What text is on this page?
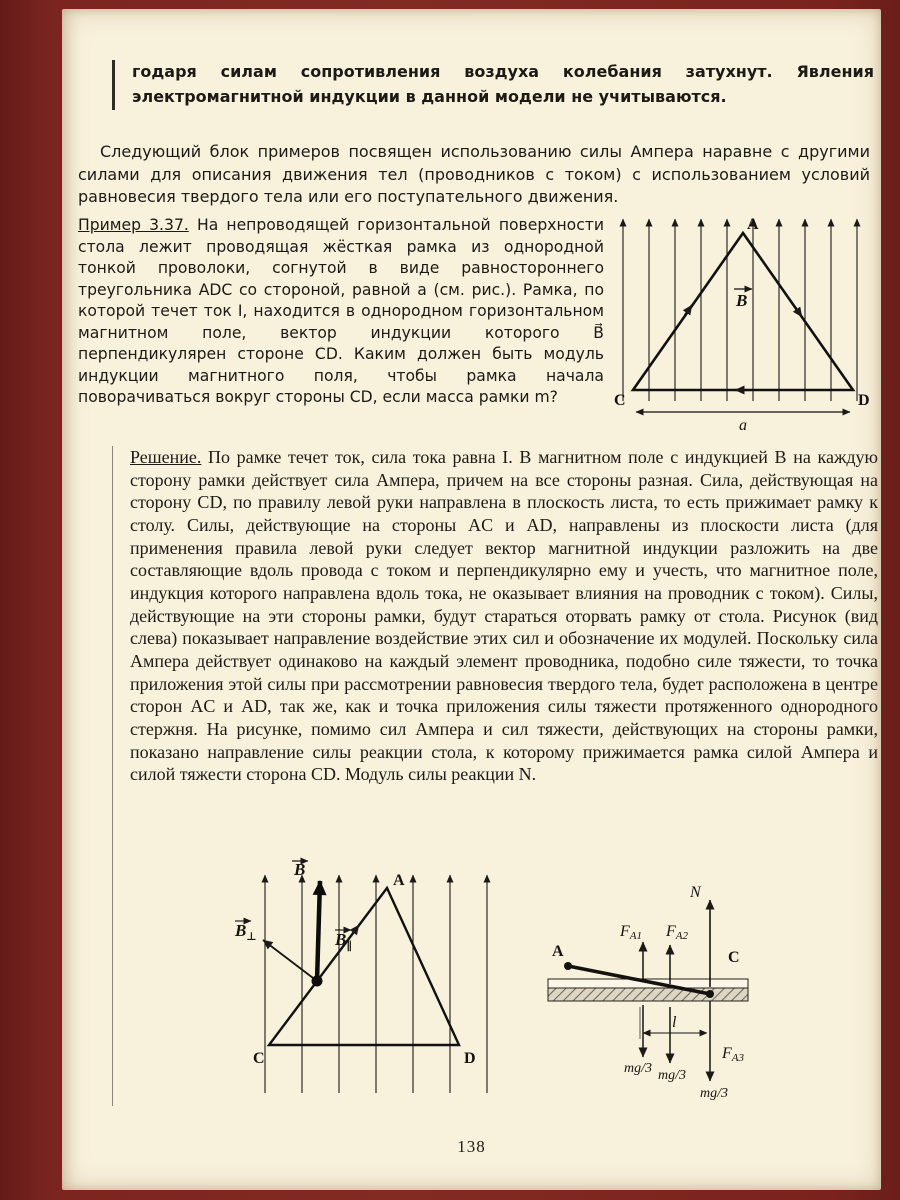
годаря силам сопротивления воздуха колебания затухнут. Явления электромагнитной индукции в данной модели не учитываются.

Следующий блок примеров посвящен использованию силы Ампера наравне с другими силами для описания движения тел (проводников с током) с использованием условий равновесия твердого тела или его поступательного движения.

Пример 3.37. На непроводящей горизонтальной поверхности стола лежит проводящая жёсткая рамка из однородной тонкой проволоки, согнутой в виде равностороннего треугольника ADC со стороной, равной a (см. рис.). Рамка, по которой течет ток I, находится в однородном горизонтальном магнитном поле, вектор индукции которого B⃗ перпендикулярен стороне CD. Каким должен быть модуль индукции магнитного поля, чтобы рамка начала поворачиваться вокруг стороны CD, если масса рамки m?
B
A
C	D
a
Решение. По рамке течет ток, сила тока равна I. В магнитном поле с индукцией B на каждую сторону рамки действует сила Ампера, причем на все стороны разная. Сила, действующая на сторону CD, по правилу левой руки направлена в плоскость листа, то есть прижимает рамку к столу. Силы, действующие на стороны AC и AD, направлены из плоскости листа (для применения правила левой руки следует вектор магнитной индукции разложить на две составляющие вдоль провода с током и перпендикулярно ему и учесть, что магнитное поле, индукция которого направлена вдоль тока, не оказывает влияния на проводник с током). Силы, действующие на эти стороны рамки, будут стараться оторвать рамку от стола. Рисунок (вид слева) показывает направление воздействие этих сил и обозначение их модулей. Поскольку сила Ампера действует одинаково на каждый элемент проводника, подобно силе тяжести, то точка приложения этой силы при рассмотрении равновесия твердого тела, будет расположена в центре сторон AC и AD, так же, как и точка приложения силы тяжести протяженного однородного стержня. На рисунке, помимо сил Ампера и сил тяжести, действующих на стороны рамки, показано направление силы реакции стола, к которому прижимается рамка силой Ампера и силой тяжести сторона CD. Модуль силы реакции N.
B
$B_\perp$	$B_\parallel$
A
C	D
A	C
N
FA1 FA2
l
mg/3 mg/3
FA3
mg/3
138
